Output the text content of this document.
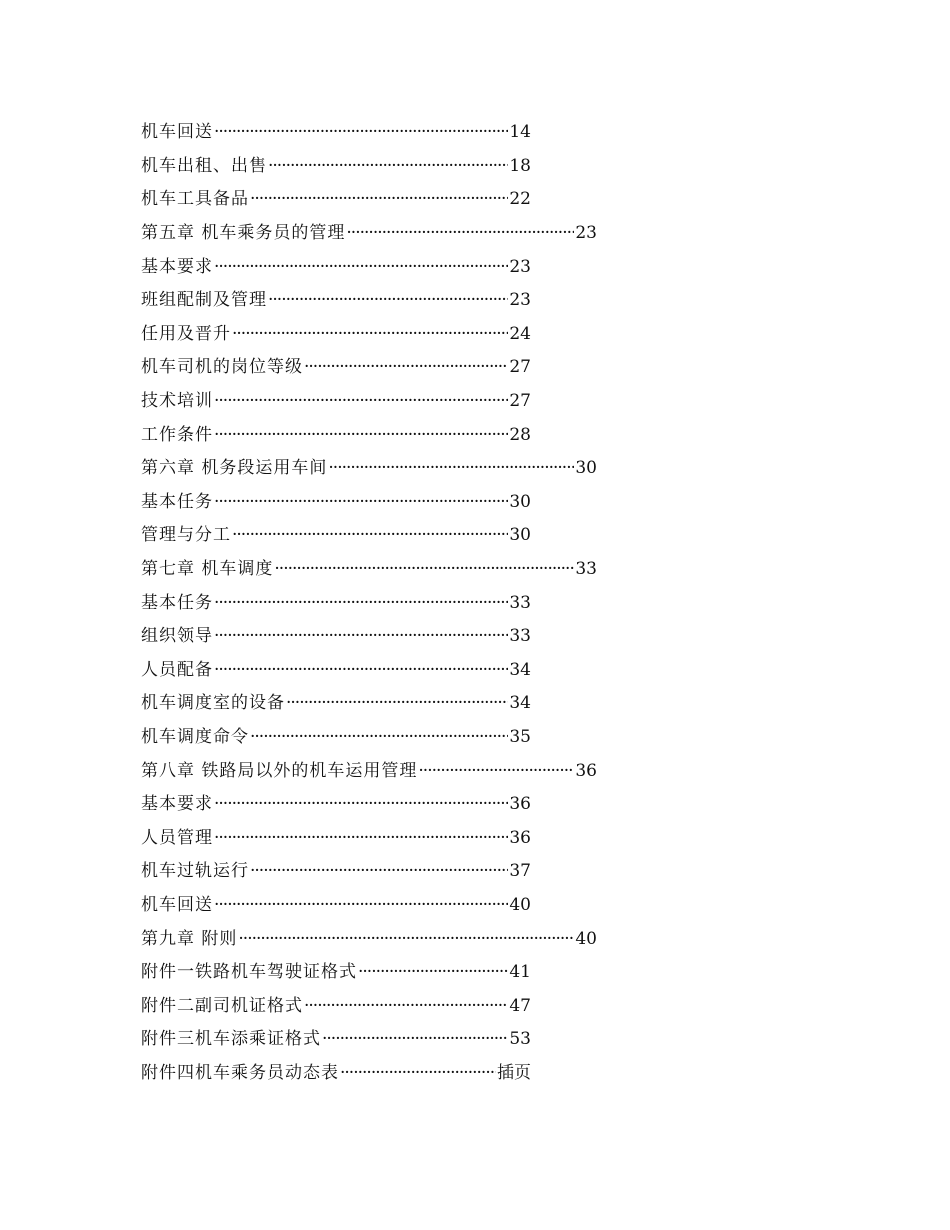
机车回送 ·····	14
机车出租、出售 ·····	18
机车工具备品 ·····	22
第五章 机车乘务员的管理 ·····	23
基本要求 ·····	23
班组配制及管理 ·····	23
任用及晋升 ·····	24
机车司机的岗位等级 ·····	27
技术培训 ·····	27
工作条件 ·····	28
第六章 机务段运用车间 ·····	30
基本任务 ·····	30
管理与分工 ·····	30
第七章 机车调度 ·····	33
基本任务 ·····	33
组织领导 ·····	33
人员配备 ·····	34
机车调度室的设备 ·····	34
机车调度命令 ·····	35
第八章 铁路局以外的机车运用管理 ·····	36
基本要求 ·····	36
人员管理 ·····	36
机车过轨运行 ·····	37
机车回送 ·····	40
第九章 附则 ·····	40
附件一铁路机车驾驶证格式 ·····	41
附件二副司机证格式 ·····	47
附件三机车添乘证格式 ·····	53
附件四机车乘务员动态表 ·····	插页
